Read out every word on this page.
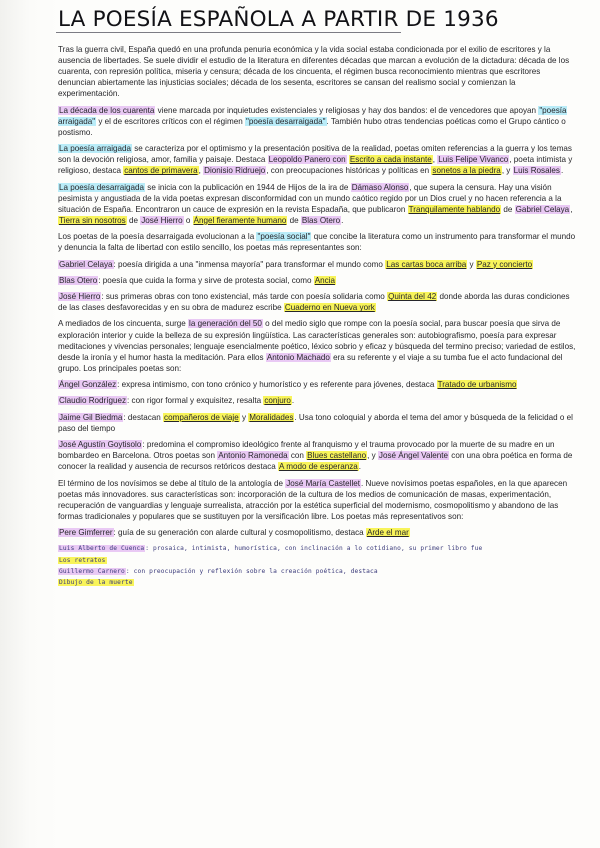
LA POESÍA ESPAÑOLA A PARTIR DE 1936

Tras la guerra civil, España quedó en una profunda penuria económica y la vida social estaba condicionada por el exilio de escritores y la ausencia de libertades. Se suele dividir el estudio de la literatura en diferentes décadas que marcan a evolución de la dictadura: década de los cuarenta, con represión política, miseria y censura; década de los cincuenta, el régimen busca reconocimiento mientras que escritores denuncian abiertamente las injusticias sociales; década de los sesenta, escritores se cansan del realismo social y comienzan la experimentación.

La década de los cuarenta viene marcada por inquietudes existenciales y religiosas y hay dos bandos: el de vencedores que apoyan "poesía arraigada" y el de escritores críticos con el régimen "poesía desarraigada". También hubo otras tendencias poéticas como el Grupo cántico o postismo.

La poesía arraigada se caracteriza por el optimismo y la presentación positiva de la realidad, poetas omiten referencias a la guerra y los temas son la devoción religiosa, amor, familia y paisaje. Destaca Leopoldo Panero con Escrito a cada instante, Luis Felipe Vivanco, poeta intimista y religioso, destaca cantos de primavera, Dionisio Ridruejo, con preocupaciones históricas y políticas en sonetos a la piedra, y Luis Rosales.

La poesía desarraigada se inicia con la publicación en 1944 de Hijos de la ira de Dámaso Alonso, que supera la censura. Hay una visión pesimista y angustiada de la vida poetas expresan disconformidad con un mundo caótico regido por un Dios cruel y no hacen referencia a la situación de España. Encontraron un cauce de expresión en la revista Espadaña, que publicaron Tranquilamente hablando de Gabriel Celaya, Tierra sin nosotros de José Hierro o Ángel fieramente humano de Blas Otero.

Los poetas de la poesía desarraigada evolucionan a la "poesía social" que concibe la literatura como un instrumento para transformar el mundo y denuncia la falta de libertad con estilo sencillo, los poetas más representantes son:

Gabriel Celaya: poesía dirigida a una "inmensa mayoría" para transformar el mundo como Las cartas boca arriba y Paz y concierto

Blas Otero: poesía que cuida la forma y sirve de protesta social, como Ancia

José Hierro: sus primeras obras con tono existencial, más tarde con poesía solidaria como Quinta del 42 donde aborda las duras condiciones de las clases desfavorecidas y en su obra de madurez escribe Cuaderno en Nueva york

A mediados de los cincuenta, surge la generación del 50 o del medio siglo que rompe con la poesía social, para buscar poesía que sirva de exploración interior y cuide la belleza de su expresión lingüística. Las características generales son: autobiografismo, poesía para expresar meditaciones y vivencias personales; lenguaje esencialmente poético, léxico sobrio y eficaz y búsqueda del termino preciso; variedad de estilos, desde la ironía y el humor hasta la meditación. Para ellos Antonio Machado era su referente y el viaje a su tumba fue el acto fundacional del grupo. Los principales poetas son:

Ángel González: expresa intimismo, con tono crónico y humorístico y es referente para jóvenes, destaca Tratado de urbanismo

Claudio Rodríguez: con rigor formal y exquisitez, resalta conjuro.

Jaime Gil Biedma: destacan compañeros de viaje y Moralidades. Usa tono coloquial y aborda el tema del amor y búsqueda de la felicidad o el paso del tiempo

José Agustín Goytisolo: predomina el compromiso ideológico frente al franquismo y el trauma provocado por la muerte de su madre en un bombardeo en Barcelona. Otros poetas son Antonio Ramoneda con Blues castellano, y José Ángel Valente con una obra poética en forma de conocer la realidad y ausencia de recursos retóricos destaca A modo de esperanza.

El término de los novísimos se debe al título de la antología de José María Castellet. Nueve novísimos poetas españoles, en la que aparecen poetas más innovadores. sus características son: incorporación de la cultura de los medios de comunicación de masas, experimentación, recuperación de vanguardias y lenguaje surrealista, atracción por la estética superficial del modernismo, cosmopolitismo y abandono de las formas tradicionales y populares que se sustituyen por la versificación libre. Los poetas más representativos son:

Pere Gimferrer: guía de su generación con alarde cultural y cosmopolitismo, destaca Arde el mar

Luis Alberto de Cuenca: prosaica, intimista, humorística, con inclinación a lo cotidiano, su primer libro fue
Los retratos
Guillermo Carnero: con preocupación y reflexión sobre la creación poética, destaca
Dibujo de la muerte
